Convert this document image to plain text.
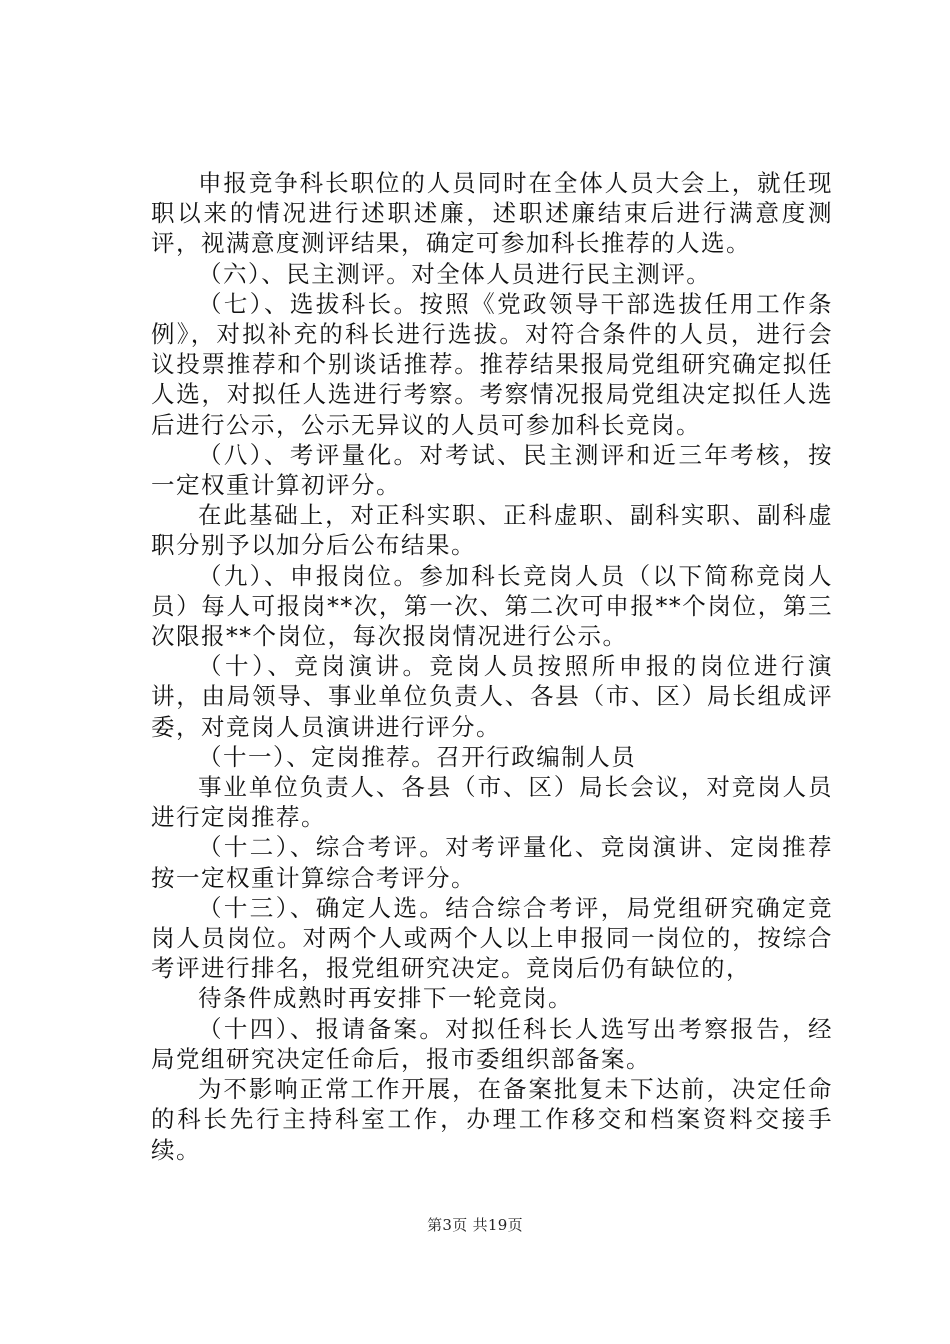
申报竞争科长职位的人员同时在全体人员大会上，就任现职以来的情况进行述职述廉，述职述廉结束后进行满意度测评，视满意度测评结果，确定可参加科长推荐的人选。

（六）、民主测评。对全体人员进行民主测评。

（七）、选拔科长。按照《党政领导干部选拔任用工作条例》，对拟补充的科长进行选拔。对符合条件的人员，进行会议投票推荐和个别谈话推荐。推荐结果报局党组研究确定拟任人选，对拟任人选进行考察。考察情况报局党组决定拟任人选后进行公示，公示无异议的人员可参加科长竞岗。

（八）、考评量化。对考试、民主测评和近三年考核，按一定权重计算初评分。

在此基础上，对正科实职、正科虚职、副科实职、副科虚职分别予以加分后公布结果。

（九）、申报岗位。参加科长竞岗人员（以下简称竞岗人员）每人可报岗**次，第一次、第二次可申报**个岗位，第三次限报**个岗位，每次报岗情况进行公示。

（十）、竞岗演讲。竞岗人员按照所申报的岗位进行演讲，由局领导、事业单位负责人、各县（市、区）局长组成评委，对竞岗人员演讲进行评分。

（十一）、定岗推荐。召开行政编制人员

事业单位负责人、各县（市、区）局长会议，对竞岗人员进行定岗推荐。

（十二）、综合考评。对考评量化、竞岗演讲、定岗推荐按一定权重计算综合考评分。

（十三）、确定人选。结合综合考评，局党组研究确定竞岗人员岗位。对两个人或两个人以上申报同一岗位的，按综合考评进行排名，报党组研究决定。竞岗后仍有缺位的，

待条件成熟时再安排下一轮竞岗。

（十四）、报请备案。对拟任科长人选写出考察报告，经局党组研究决定任命后，报市委组织部备案。

为不影响正常工作开展，在备案批复未下达前，决定任命的科长先行主持科室工作，办理工作移交和档案资料交接手续。

第3页 共19页
